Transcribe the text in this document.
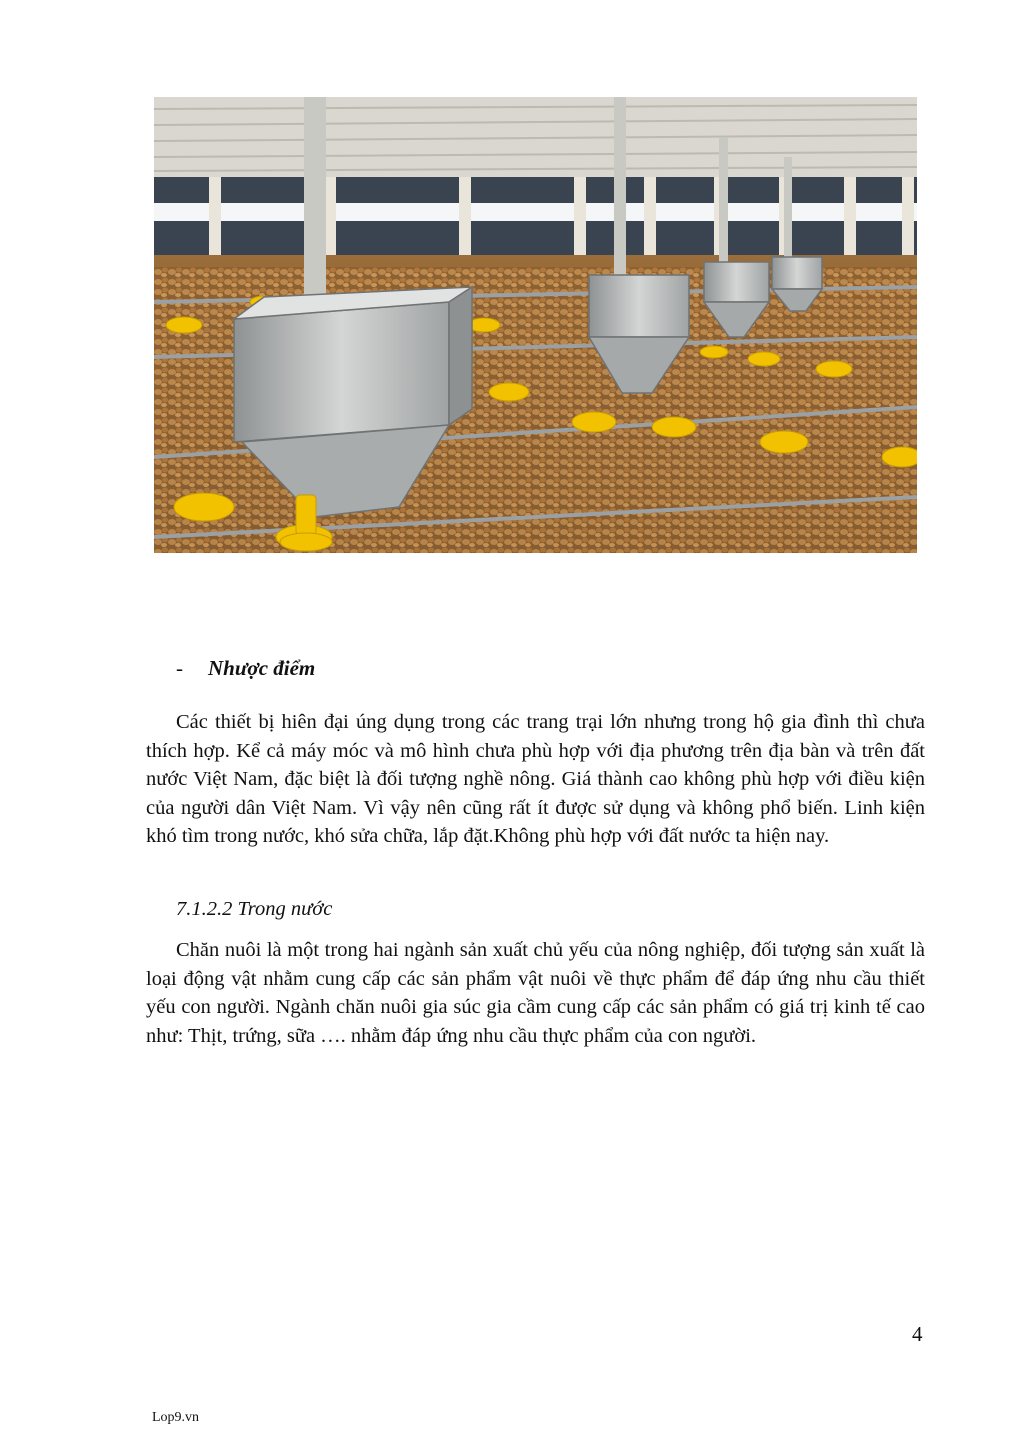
- Nhược điểm

Các thiết bị hiên đại úng dụng trong các trang trại lớn nhưng trong hộ gia đình thì chưa thích hợp. Kể cả máy móc và mô hình chưa phù hợp với địa phương trên địa bàn và trên đất nước Việt Nam, đặc biệt là đối tượng nghề nông. Giá thành cao không phù hợp với điều kiện của người dân Việt Nam. Vì vậy nên cũng rất ít được sử dụng và không phổ biến. Linh kiện khó tìm trong nước, khó sửa chữa, lắp đặt.Không phù hợp với đất nước ta hiện nay.

7.1.2.2 Trong nước

Chăn nuôi là một trong hai ngành sản xuất chủ yếu của nông nghiệp, đối tượng sản xuất là loại động vật nhằm cung cấp các sản phẩm vật nuôi về thực phẩm để đáp ứng nhu cầu thiết yếu con người. Ngành chăn nuôi gia súc gia cầm cung cấp các sản phẩm có giá trị kinh tế cao như: Thịt, trứng, sữa …. nhằm đáp ứng nhu cầu thực phẩm của con người.

4
Lop9.vn
